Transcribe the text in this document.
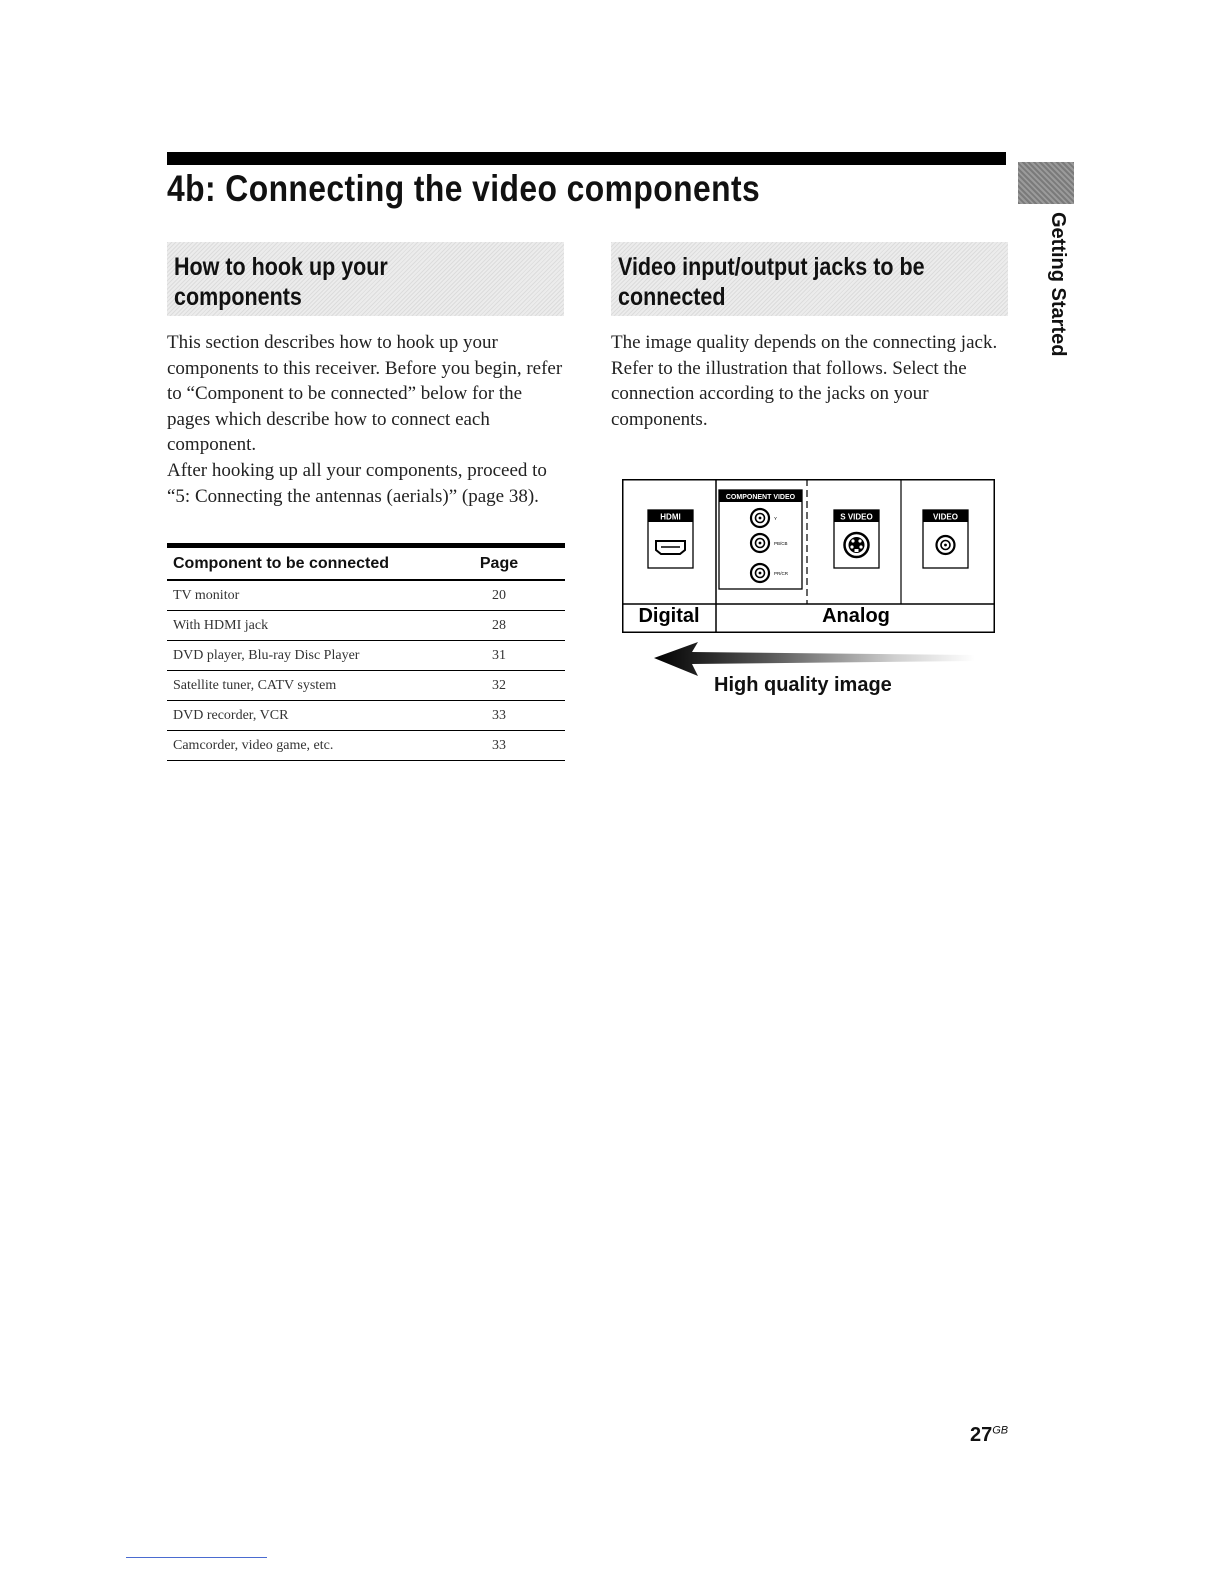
4b: Connecting the video components
Getting Started
How to hook up your
components

This section describes how to hook up your components to this receiver. Before you begin, refer to “Component to be connected” below for the pages which describe how to connect each component.

After hooking up all your components, proceed to “5: Connecting the antennas (aerials)” (page 38).

Component to be connected	Page
TV monitor	20
With HDMI jack	28
DVD player, Blu-ray Disc Player	31
Satellite tuner, CATV system	32
DVD recorder, VCR	33
Camcorder, video game, etc.	33
Video input/output jacks to be
connected

The image quality depends on the connecting jack. Refer to the illustration that follows. Select the connection according to the jacks on your components.

HDMI
COMPONENT VIDEO
Y
PB/CB
PR/CR
S VIDEO	VIDEO
Digital	Analog
High quality image
$27^{GB}$
